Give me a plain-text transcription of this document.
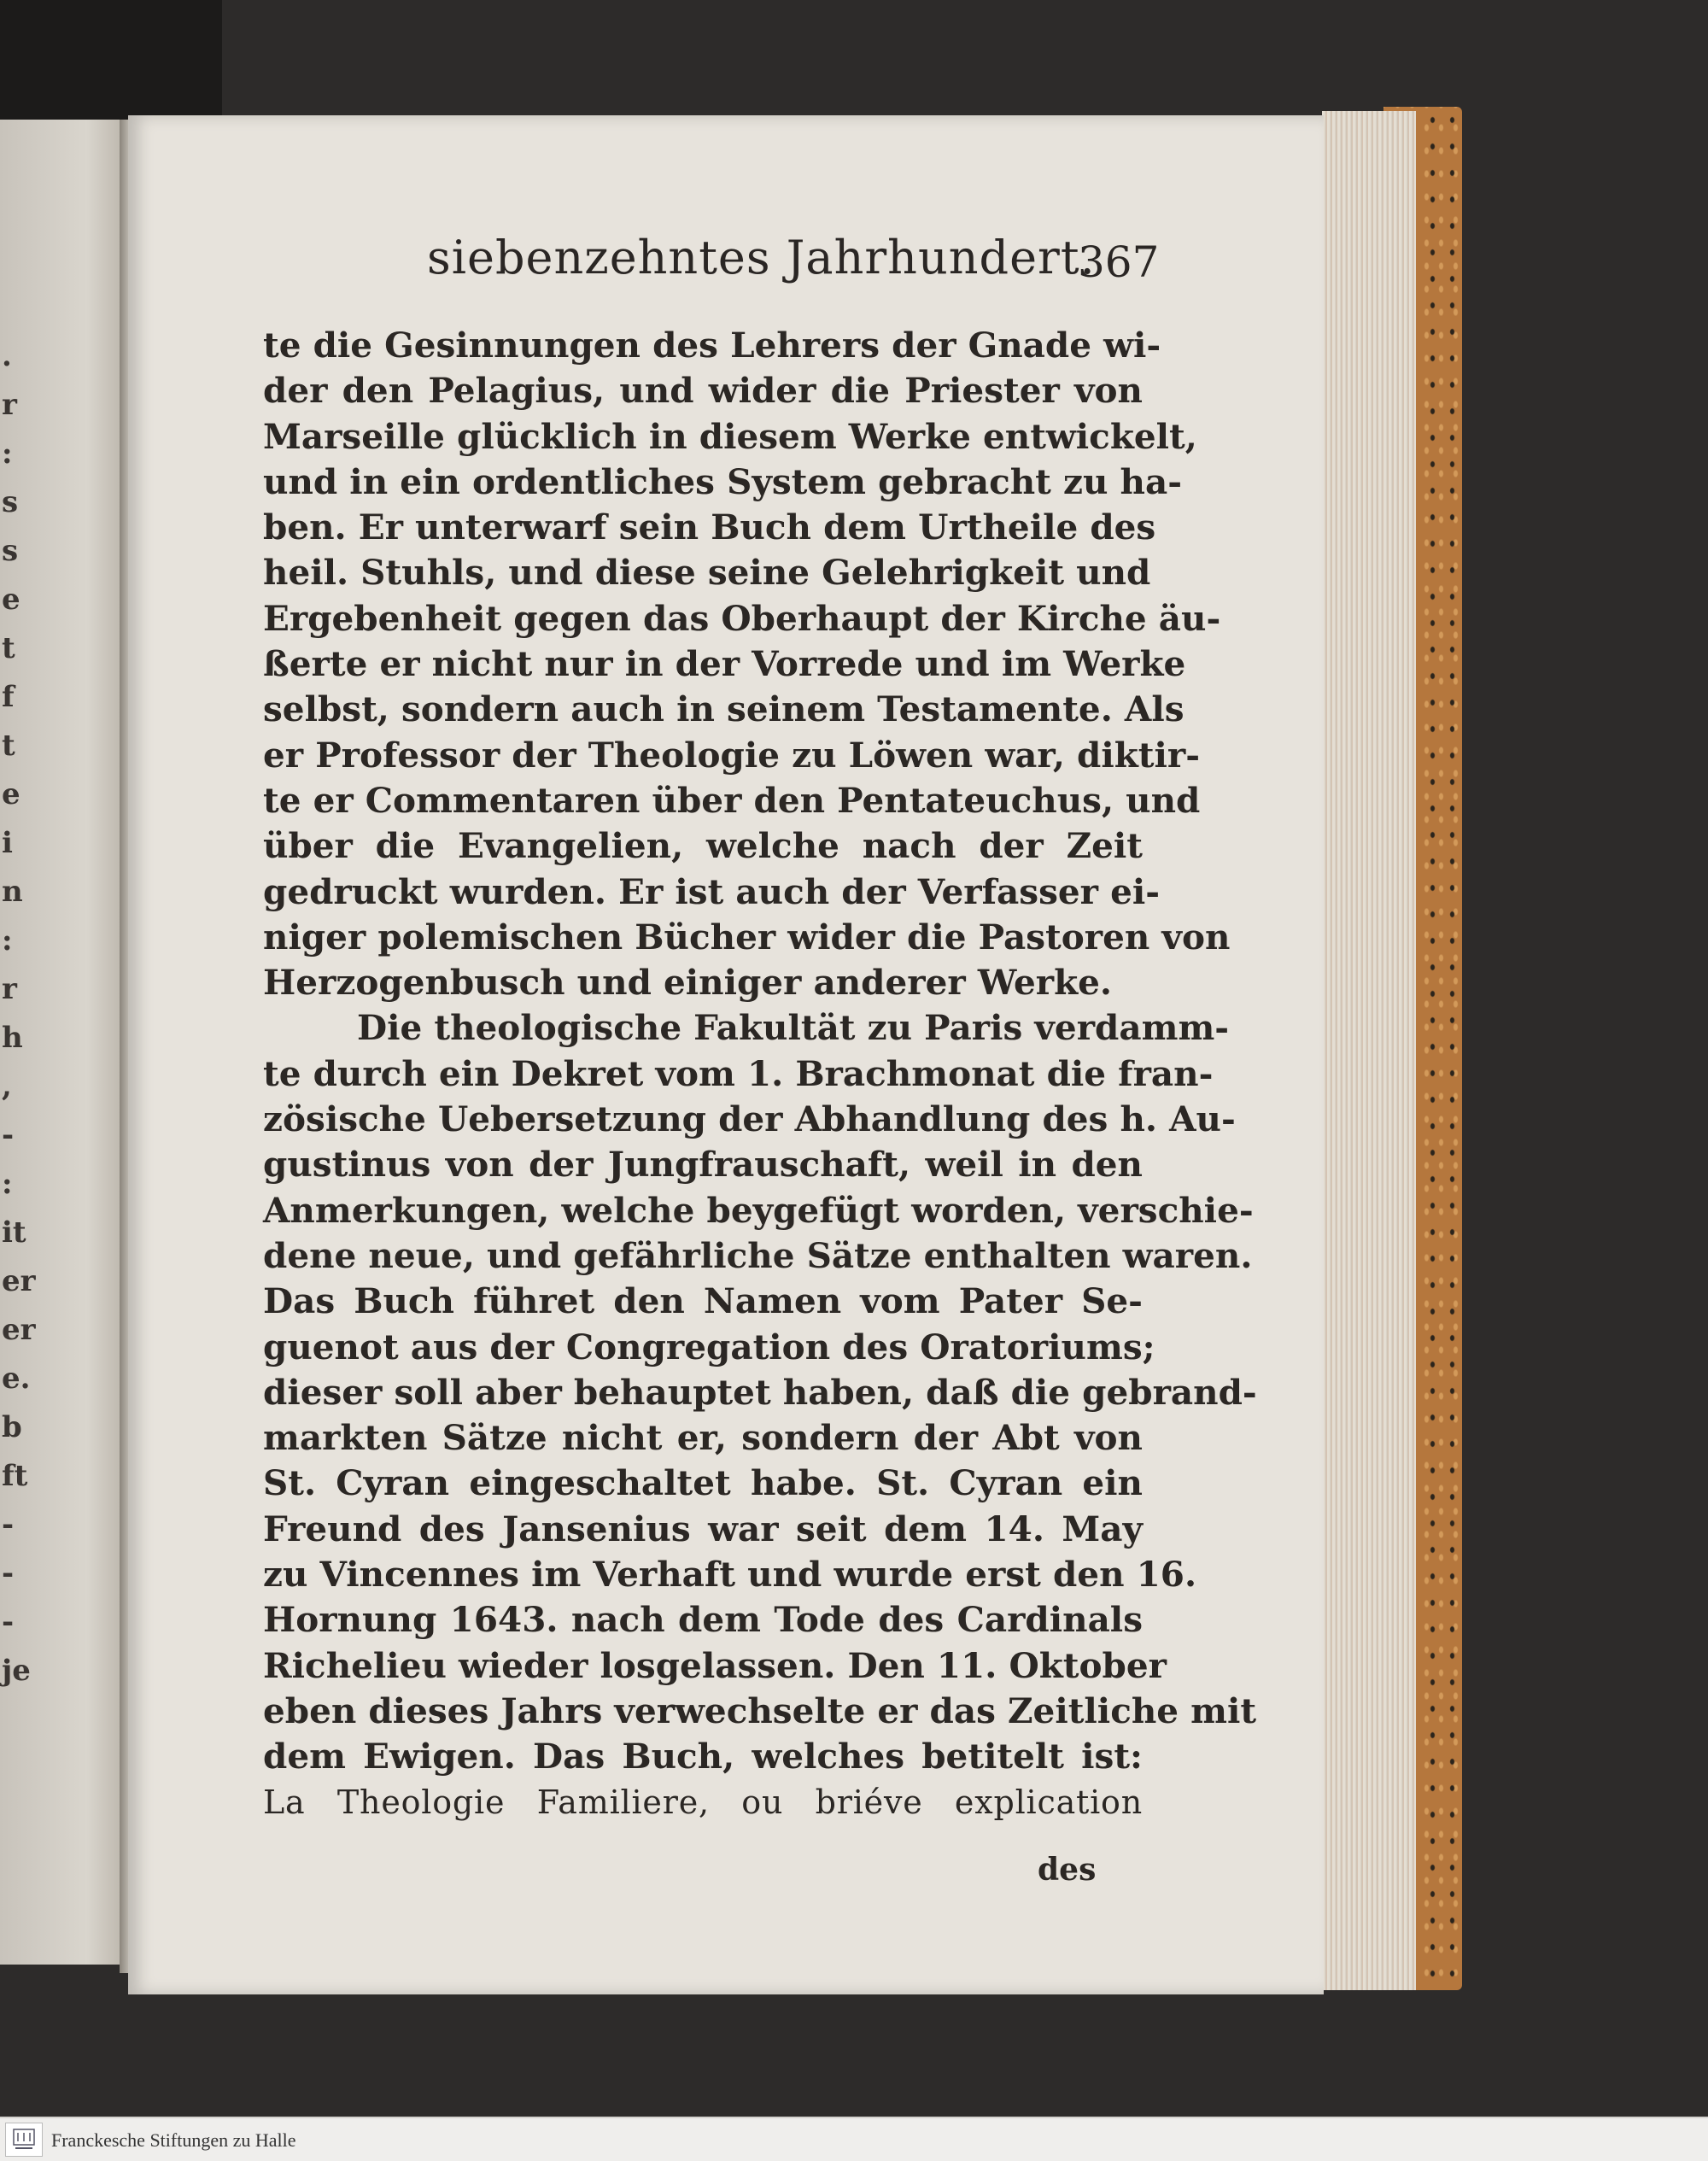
.
r
:
s
s
e
t
f
t
e
i
n
:
r
h
,
-
:
it
er
er
e.
b
ft
-
-
-
je
siebenzehntes Jahrhundert.
367
te die Gesinnungen des Lehrers der Gnade wi-
der den Pelagius, und wider die Priester von
Marseille glücklich in diesem Werke entwickelt,
und in ein ordentliches System gebracht zu ha-
ben. Er unterwarf sein Buch dem Urtheile des
heil. Stuhls, und diese seine Gelehrigkeit und
Ergebenheit gegen das Oberhaupt der Kirche äu-
ßerte er nicht nur in der Vorrede und im Werke
selbst, sondern auch in seinem Testamente. Als
er Professor der Theologie zu Löwen war, diktir-
te er Commentaren über den Pentateuchus, und
über die Evangelien, welche nach der Zeit
gedruckt wurden. Er ist auch der Verfasser ei-
niger polemischen Bücher wider die Pastoren von
Herzogenbusch und einiger anderer Werke.
Die theologische Fakultät zu Paris verdamm-
te durch ein Dekret vom 1. Brachmonat die fran-
zösische Uebersetzung der Abhandlung des h. Au-
gustinus von der Jungfrauschaft, weil in den
Anmerkungen, welche beygefügt worden, verschie-
dene neue, und gefährliche Sätze enthalten waren.
Das Buch führet den Namen vom Pater Se-
guenot aus der Congregation des Oratoriums;
dieser soll aber behauptet haben, daß die gebrand-
markten Sätze nicht er, sondern der Abt von
St. Cyran eingeschaltet habe. St. Cyran ein
Freund des Jansenius war seit dem 14. May
zu Vincennes im Verhaft und wurde erst den 16.
Hornung 1643. nach dem Tode des Cardinals
Richelieu wieder losgelassen. Den 11. Oktober
eben dieses Jahrs verwechselte er das Zeitliche mit
dem Ewigen. Das Buch, welches betitelt ist:
La Theologie Familiere, ou briéve explication
des
Franckesche Stiftungen zu Halle
